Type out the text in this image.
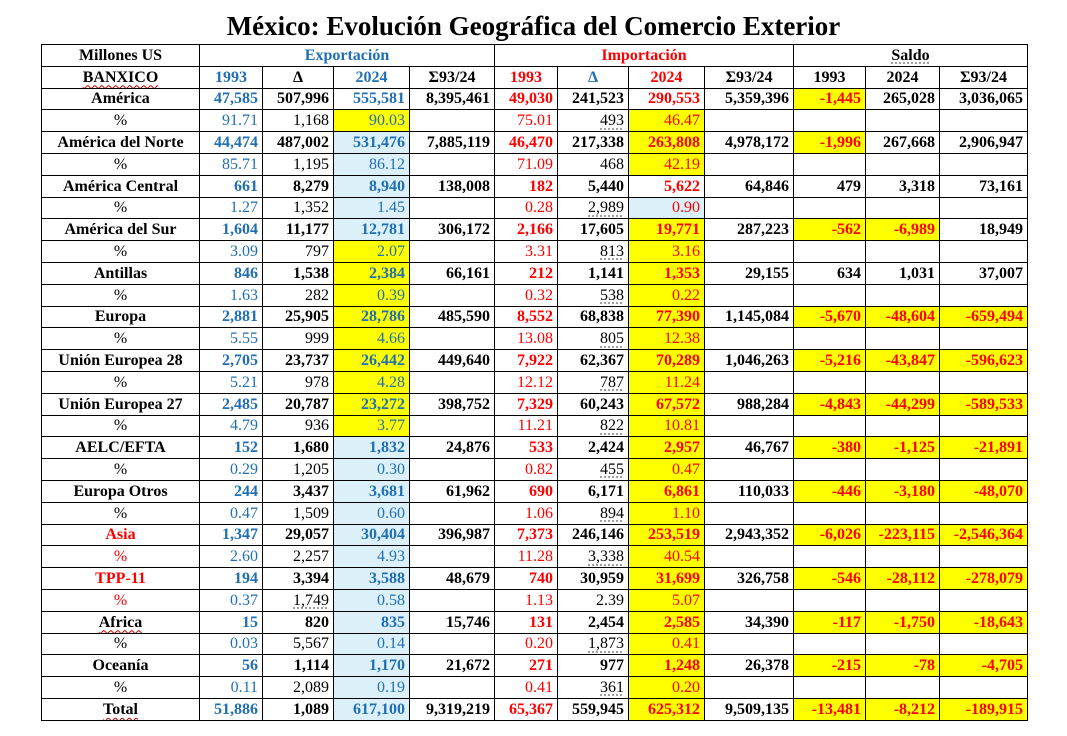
México: Evolución Geográfica del Comercio Exterior
Millones US	Exportación				Importación				Saldo		
BANXICO	1993	Δ	2024	Σ93/24	1993	Δ	2024	Σ93/24	1993	2024	Σ93/24
América	47,585	507,996	555,581	8,395,461	49,030	241,523	290,553	5,359,396	-1,445	265,028	3,036,065
%	91.71	1,168	90.03		75.01	493	46.47				
América del Norte	44,474	487,002	531,476	7,885,119	46,470	217,338	263,808	4,978,172	-1,996	267,668	2,906,947
%	85.71	1,195	86.12		71.09	468	42.19				
América Central	661	8,279	8,940	138,008	182	5,440	5,622	64,846	479	3,318	73,161
%	1.27	1,352	1.45		0.28	2,989	0.90				
América del Sur	1,604	11,177	12,781	306,172	2,166	17,605	19,771	287,223	-562	-6,989	18,949
%	3.09	797	2.07		3.31	813	3.16				
Antillas	846	1,538	2,384	66,161	212	1,141	1,353	29,155	634	1,031	37,007
%	1.63	282	0.39		0.32	538	0.22				
Europa	2,881	25,905	28,786	485,590	8,552	68,838	77,390	1,145,084	-5,670	-48,604	-659,494
%	5.55	999	4.66		13.08	805	12.38				
Unión Europea 28	2,705	23,737	26,442	449,640	7,922	62,367	70,289	1,046,263	-5,216	-43,847	-596,623
%	5.21	978	4.28		12.12	787	11.24				
Unión Europea 27	2,485	20,787	23,272	398,752	7,329	60,243	67,572	988,284	-4,843	-44,299	-589,533
%	4.79	936	3.77		11.21	822	10.81				
AELC/EFTA	152	1,680	1,832	24,876	533	2,424	2,957	46,767	-380	-1,125	-21,891
%	0.29	1,205	0.30		0.82	455	0.47				
Europa Otros	244	3,437	3,681	61,962	690	6,171	6,861	110,033	-446	-3,180	-48,070
%	0.47	1,509	0.60		1.06	894	1.10				
Asia	1,347	29,057	30,404	396,987	7,373	246,146	253,519	2,943,352	-6,026	-223,115	-2,546,364
%	2.60	2,257	4.93		11.28	3,338	40.54				
TPP-11	194	3,394	3,588	48,679	740	30,959	31,699	326,758	-546	-28,112	-278,079
%	0.37	1,749	0.58		1.13	2.39	5.07				
Africa	15	820	835	15,746	131	2,454	2,585	34,390	-117	-1,750	-18,643
%	0.03	5,567	0.14		0.20	1,873	0.41				
Oceanía	56	1,114	1,170	21,672	271	977	1,248	26,378	-215	-78	-4,705
%	0.11	2,089	0.19		0.41	361	0.20				
Total	51,886	1,089	617,100	9,319,219	65,367	559,945	625,312	9,509,135	-13,481	-8,212	-189,915
